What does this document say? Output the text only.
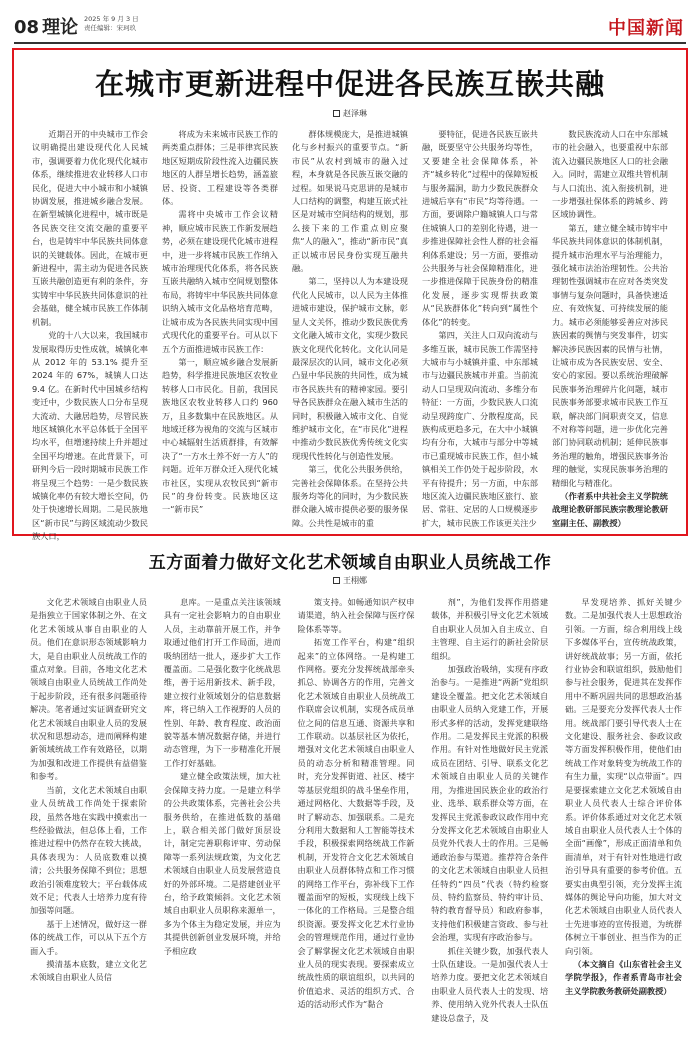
08 理论 2025 年 9 月 3 日
责任编辑：宋珂玖	中国新闻
在城市更新进程中促进各民族互嵌共融
赵泽琳

近期召开的中央城市工作会议明确提出建设现代化人民城市，强调要着力优化现代化城市体系，继续推进农业转移人口市民化，促进大中小城市和小城镇协调发展，推进城乡融合发展。在新型城镇化进程中，城市既是各民族交往交流交融的重要平台，也是铸牢中华民族共同体意识的关键载体。因此，在城市更新进程中，需主动为促进各民族互嵌共融创造更有利的条件，夯实铸牢中华民族共同体意识的社会基础，健全城市民族工作体制机制。

党的十八大以来，我国城市发展取得历史性成就，城镇化率从 2012 年的 53.1% 提升至 2024 年的 67%，城镇人口达 9.4 亿。在新时代中国城乡结构变迁中，少数民族人口分布呈现大流动、大融居趋势，尽管民族地区城镇化水平总体低于全国平均水平，但增速持续上升并超过全国平均增速。在此背景下，可研判今后一段时期城市民族工作将呈现三个趋势：一是少数民族城镇化率仍有较大增长空间，仍处于快速增长周期。二是民族地区“新市民”与跨区域流动少数民族人口，

将成为未来城市民族工作的两类重点群体；三是菲律宾民族地区短期成阶段性流入边疆民族地区的人群呈增长趋势，涵盖旅居、投资、工程建设等各类群体。

需将中央城市工作会议精神，顺应城市民族工作新发展趋势，必须在建设现代化城市进程中，进一步将城市民族工作纳入城市治理现代化体系，将各民族互嵌共融纳入城市空间规划整体布局，将铸牢中华民族共同体意识纳入城市文化品格培育范畴，让城市成为各民族共同实现中国式现代化的重要平台。可从以下五个方面推进城市民族工作：

第一，顺应城乡融合发展新趋势，科学推进民族地区农牧业转移人口市民化。目前，我国民族地区农牧业转移人口约 960 万，且多数集中在民族地区。从地域迁移为视角的交流与区城市中心城辐射生活质群排，有效解决了“一方水土养不好一方人”的问题。近年万群众迁入现代化城市社区，实现从农牧民到“新市民”的身份转变。民族地区这一“新市民”

群体规模庞大，是推进城镇化与乡村振兴的重要节点。“新市民”从农村到城市的融入过程，本身就是各民族互嵌交融的过程。如果说马克思讲的是城市人口结构的调整，构建互嵌式社区是对城市空间结构的规划，那么接下来的工作重点则应聚焦“人的融入”，推动“新市民”真正以城市居民身份实现互融共融。

第二，坚持以人为本建设现代化人民城市，以人民为主体推进城市建设，保护城市文脉，彰显人文关怀，推动少数民族优秀文化融入城市文化，实现少数民族文化现代化转化。文化认同是最深层次的认同，城市文化必须凸显中华民族的共同性，成为城市各民族共有的精神家园。要引导各民族群众在融入城市生活的同时，积极融入城市文化、自觉维护城市文化，在“市民化”进程中推动少数民族优秀传统文化实现现代性转化与创造性发展。

第三，优化公共服务供给，完善社会保障体系。在坚持公共服务均等化的同时，为少数民族群众融入城市提供必要的服务保障。公共性是城市的重

要特征，促进各民族互嵌共融，既要坚守公共服务均等性，又要建全社会保障体系，补齐“城乡转化”过程中的保障短板与服务漏洞，助力少数民族群众进城后享有“市民”均等待遇。一方面，要调除户籍城镇人口与常住城镇人口的差别化待遇，进一步推进保障社会性人群的社会福利体系建设；另一方面，要推动公共服务与社会保障精准化，进一步推进保障于民族身份的精准化发展，逐步实现帮扶政策从“民族群体化”转向到“属性个体化”的转变。

第四，关注人口双向流动与多维互嵌，城市民族工作需坚持大城市与小城镇并重、中东部城市与边疆民族城市并重。当前流动人口呈现双向流动、多维分布特征：一方面，少数民族人口流动呈现跨度广、分散程度高，民族构成更趋多元，在大中小城镇均有分布，大城市与部分中等城市已重现城市民族工作，但小城镇相关工作仍处于起步阶段，水平有待提升；另一方面，中东部地区流入边疆民族地区旅行、旅居、常驻、定居的人口规模逐步扩大，城市民族工作该更关注少

数民族流动人口在中东部城市的社会融入，也要重视中东部流入边疆民族地区人口的社会融入。同时，需建立双维共管机制与人口流出、流入衔接机制，进一步增强社保体系的跨城乡、跨区域协调性。

第五，建立健全城市铸牢中华民族共同体意识的体制机制，提升城市治理水平与治理能力，强化城市法治治理韧性。公共治理韧性强调城市在应对各类突发事情与复杂问题时，具备快速适应、有效恢复、可持续发展的能力。城市必须能够妥善应对涉民族因素的舆情与突发事件，切实解决涉民族因素的民情与社情，让城市成为各民族安居、安全、安心的家园。要以系统治理破解民族事务治理碎片化问题，城市民族事务部要求城市民族工作互联，解决部门间职责交叉，信息不对称等问题，进一步优化完善部门协同联动机制；延伸民族事务治理的触角，增强民族事务治理的触觉，实现民族事务治理的精细化与精准化。

（作者系中共社会主义学院统战理论教研部民族宗教理论教研室副主任、副教授）

五方面着力做好文化艺术领域自由职业人员统战工作
王栩娜

文化艺术领域自由职业人员是指独立于国家体制之外、在文化艺术领域从事自由职业的人员。他们在意识形态领域影响力大，是自由职业人员统战工作的重点对象。目前，各地文化艺术领域自由职业人员统战工作尚处于起步阶段，还有很多问题亟待解决。笔者通过实证调查研究文化艺术领域自由职业人员的发展状况和思想动态，进而阐释构建新领域统战工作有效路径，以期为加强和改进工作提供有益借鉴和参考。

当前，文化艺术领域自由职业人员统战工作尚处于探索阶段，虽然各地在实践中摸索出一些经验做法，但总体上看，工作推进过程中仍然存在较大挑战，具体表现为：人员底数难以摸清；公共服务保障不到位；思想政治引领难度较大；平台载体成效不足；代表人士培养力度有待加强等问题。

基于上述情况，做好这一群体的统战工作，可以从下五个方面入手。

摸清基本底数，建立文化艺术领域自由职业人员信

息库。一是重点关注该领域具有一定社会影响力的自由职业人员，主动靠前开展工作，并争取通过他们打开工作局面，进而吸纳团结一批人，逐步扩大工作覆盖面。二是强化数字化统战思维，善于运用新技术、新手段，建立按行业领域划分的信息数据库，将已纳入工作视野的人员的性别、年龄、教育程度、政治面貌等基本情况数据存储，并进行动态管理，为下一步精准化开展工作打好基础。

建立健全政策法规，加大社会保障支持力度。一是建立科学的公共政策体系，完善社会公共服务供给，在推进低数的基础上，联合相关部门做好顶层设计，制定完善职称评审、劳动保障等一系列法规政策，为文化艺术领域自由职业人员发展营造良好的外部环境。二是搭建创业平台，给予政策倾斜。文化艺术领域自由职业人员职称来源单一，多为个体主为稳定发展，并应为其提供创新创业发展环境，并给予相应政

策支持。如畅通知识产权申请渠道，纳入社会保障与医疗保险体系等等。

拓宽工作平台，构建“组织起来”的立体网络。一是构建工作网格。要充分发挥统战部牵头抓总、协调各方的作用，完善文化艺术领域自由职业人员统战工作联席会议机制，实现各成员单位之间的信息互通、资源共享和工作联动。以基层社区为依托，增强对文化艺术领域自由职业人员的动态分析和精准管理。同时，充分发挥街道、社区、楼宇等基层党组织的战斗堡垒作用，通过网格化、大数据等手段，及时了解动态、加强联系。二是充分利用大数据和人工智能等技术手段，积极探索网络统战工作新机制，开发符合文化艺术领域自由职业人员群体特点和工作习惯的网络工作平台，弥补线下工作覆盖面窄的短板，实现线上线下一体化的工作格局。三是整合组织资源。要发挥文化艺术行业协会的管理规范作用，通过行业协会了解掌握文化艺术领域自由职业人员的现实表现。要探索成立统战性质的联谊组织，以共同的价值追求、灵活的组织方式、合适的活动形式作为“黏合

剂”，为他们发挥作用搭建载体，并积极引导文化艺术领域自由职业人员加入自主成立、自主管理、自主运行的新社会阶层组织。

加强政治吸纳，实现有序政治参与。一是推进“两新”党组织建设全覆盖。把文化艺术领域自由职业人员纳入党建工作，开展形式多样的活动，发挥党建联络作用。二是发挥民主党派的积极作用。有针对性地做好民主党派成员在团结、引导、联系文化艺术领域自由职业人员的关键作用，为推进国民族企业的政治行业、选举、联系群众等方面，在发挥民主党派参政议政作用中充分发挥文化艺术领域自由职业人员党外代表人士的作用。三是畅通政治参与渠道。推荐符合条件的文化艺术领域自由职业人员担任特约“四员”代表（特约检察员、特约监察员、特约审计员、特约教育督导员）和政府参事，支持他们积极建言资政、参与社会治理，实现有序政治参与。

抓住关键少数，加强代表人士队伍建设。一是加强代表人士培养力度。要把文化艺术领域自由职业人员代表人士的发现、培养、使用纳入党外代表人士队伍建设总盘子，及

早发现培养、抓好关键少数。二是加强代表人士思想政治引领。一方面，综合利用线上线下多媒体平台，宣传统战政策，讲好统战故事；另一方面，依托行业协会和联谊组织，鼓励他们参与社会服务，促进其在发挥作用中不断巩固共同的思想政治基础。三是要充分发挥代表人士作用。统战部门要引导代表人士在文化建设、服务社会、参政议政等方面发挥积极作用，使他们由统战工作对象转变为统战工作的有生力量，实现“以点带面”。四是要探索建立文化艺术领域自由职业人员代表人士综合评价体系。评价体系通过对文化艺术领域自由职业人员代表人士个体的全面“画像”，形成正面清单和负面清单，对于有针对性地进行政治引导具有重要的参考价值。五要实由典型引领，充分发挥主流媒体的舆论导向功能，加大对文化艺术领域自由职业人员代表人士先进事迹的宣传报道，为统群体树立干事创业、担当作为的正向引领。

（本文摘自《山东省社会主义学院学报》，作者系青岛市社会主义学院教务教研处副教授）
